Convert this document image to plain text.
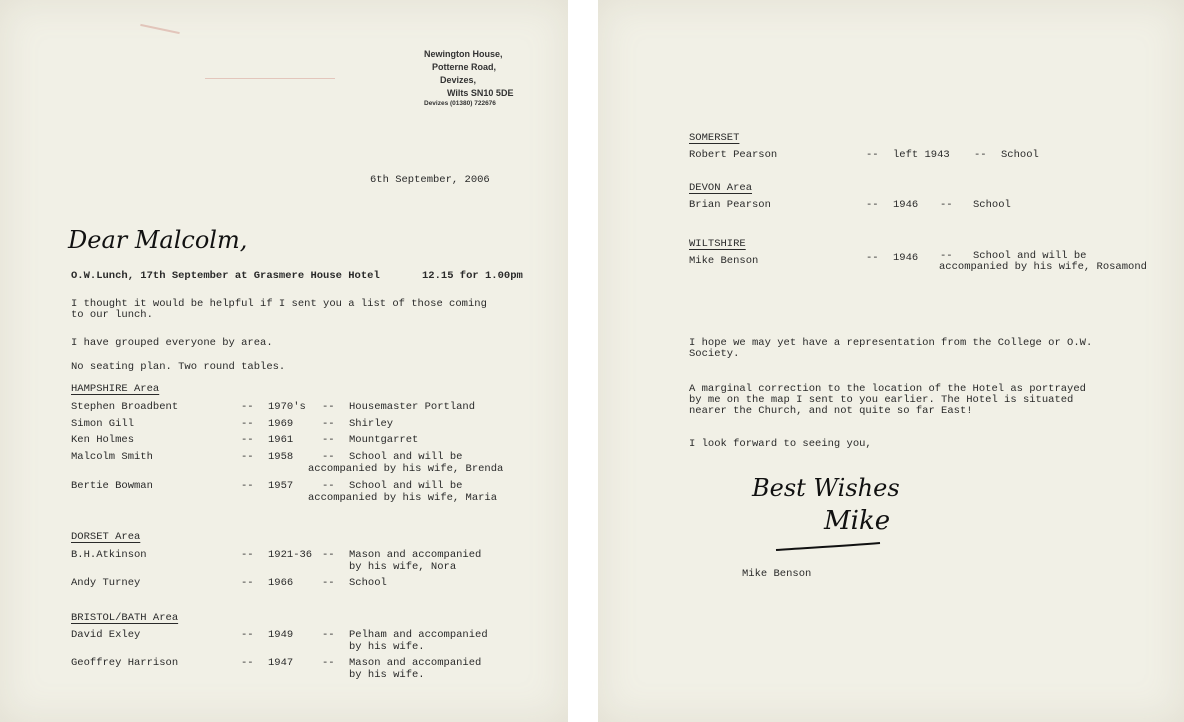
Newington House,
Potterne Road,
Devizes,
Wilts SN10 5DE
Devizes (01380) 722676
6th September, 2006
Dear Malcolm,
O.W.Lunch, 17th September at Grasmere House Hotel	12.15 for 1.00pm
I thought it would be helpful if I sent you a list of those coming
to our lunch.
I have grouped everyone by area.
No seating plan. Two round tables.
HAMPSHIRE Area
Stephen Broadbent	-- 1970's -- Housemaster Portland
Simon Gill	-- 1969	-- Shirley
Ken Holmes	-- 1961	-- Mountgarret
Malcolm Smith	-- 1958	-- School and will be
accompanied by his wife, Brenda
Bertie Bowman	-- 1957	-- School and will be
accompanied by his wife, Maria
DORSET Area
B.H.Atkinson	-- 1921-36 -- Mason and accompanied
by his wife, Nora
Andy Turney	-- 1966	-- School
BRISTOL/BATH Area
David Exley	-- 1949	-- Pelham and accompanied
by his wife.
Geoffrey Harrison	-- 1947	-- Mason and accompanied
by his wife.
SOMERSET
Robert Pearson	-- left 1943 -- School
DEVON Area
Brian Pearson	-- 1946 -- School
WILTSHIRE
Mike Benson	-- 1946 -- School and will be
accompanied by his wife, Rosamond
I hope we may yet have a representation from the College or O.W.
Society.
A marginal correction to the location of the Hotel as portrayed
by me on the map I sent to you earlier. The Hotel is situated
nearer the Church, and not quite so far East!
I look forward to seeing you,
Best Wishes
Mike
Mike Benson
